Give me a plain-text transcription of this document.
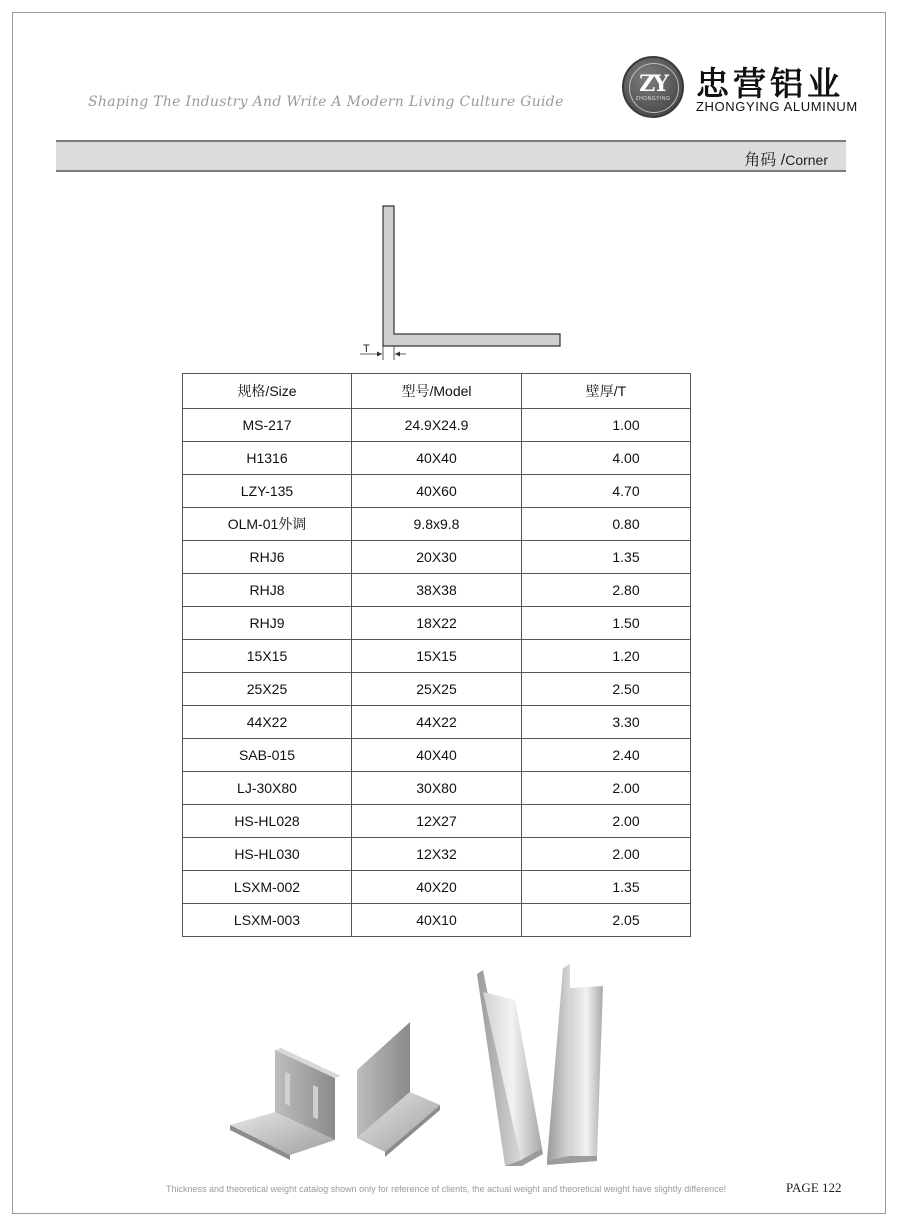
Shaping The Industry And Write A Modern Living Culture Guide
ZY
ZHONGYING 忠营铝业
ZHONGYING ALUMINUM
角码 /Corner
T
规格/Size	型号/Model	壁厚/T
MS-217	24.9X24.9	1.00
H1316	40X40	4.00
LZY-135	40X60	4.70
OLM-01外调	9.8x9.8	0.80
RHJ6	20X30	1.35
RHJ8	38X38	2.80
RHJ9	18X22	1.50
15X15	15X15	1.20
25X25	25X25	2.50
44X22	44X22	3.30
SAB-015	40X40	2.40
LJ-30X80	30X80	2.00
HS-HL028	12X27	2.00
HS-HL030	12X32	2.00
LSXM-002	40X20	1.35
LSXM-003	40X10	2.05
Thickness and theoretical weight catalog shown only for reference of clients, the actual weight and theoretical weight have slightly difference!	PAGE 122
